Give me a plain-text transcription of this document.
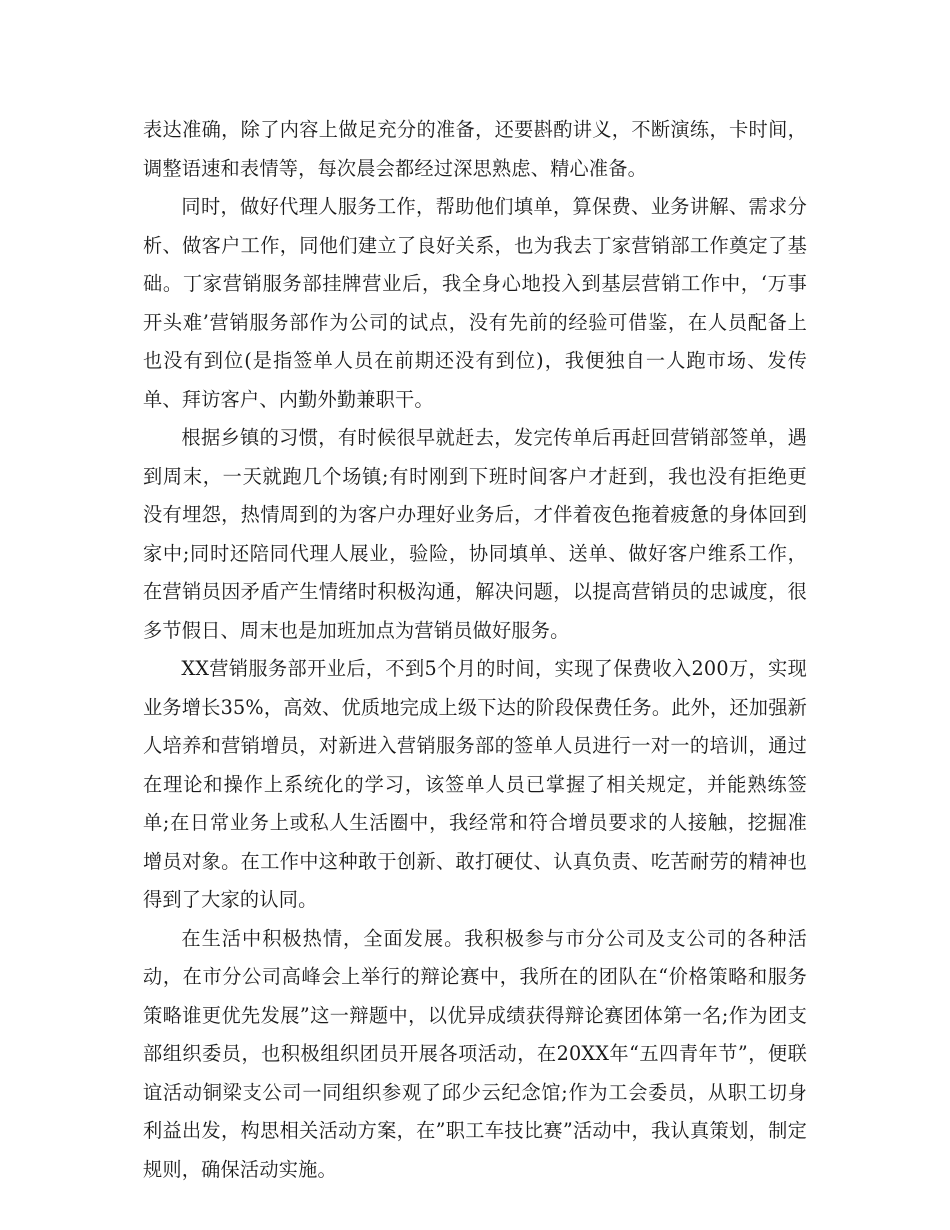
表达准确，除了内容上做足充分的准备，还要斟酌讲义，不断演练，卡时间，调整语速和表情等，每次晨会都经过深思熟虑、精心准备。

同时，做好代理人服务工作，帮助他们填单，算保费、业务讲解、需求分析、做客户工作，同他们建立了良好关系，也为我去丁家营销部工作奠定了基础。丁家营销服务部挂牌营业后，我全身心地投入到基层营销工作中，‘万事开头难’营销服务部作为公司的试点，没有先前的经验可借鉴，在人员配备上也没有到位(是指签单人员在前期还没有到位)，我便独自一人跑市场、发传单、拜访客户、内勤外勤兼职干。

根据乡镇的习惯，有时候很早就赶去，发完传单后再赶回营销部签单，遇到周末，一天就跑几个场镇;有时刚到下班时间客户才赶到，我也没有拒绝更没有埋怨，热情周到的为客户办理好业务后，才伴着夜色拖着疲惫的身体回到家中;同时还陪同代理人展业，验险，协同填单、送单、做好客户维系工作，在营销员因矛盾产生情绪时积极沟通，解决问题，以提高营销员的忠诚度，很多节假日、周末也是加班加点为营销员做好服务。

XX营销服务部开业后，不到5个月的时间，实现了保费收入200万，实现业务增长35%，高效、优质地完成上级下达的阶段保费任务。此外，还加强新人培养和营销增员，对新进入营销服务部的签单人员进行一对一的培训，通过在理论和操作上系统化的学习，该签单人员已掌握了相关规定，并能熟练签单;在日常业务上或私人生活圈中，我经常和符合增员要求的人接触，挖掘准增员对象。在工作中这种敢于创新、敢打硬仗、认真负责、吃苦耐劳的精神也得到了大家的认同。

在生活中积极热情，全面发展。我积极参与市分公司及支公司的各种活动，在市分公司高峰会上举行的辩论赛中，我所在的团队在“价格策略和服务策略谁更优先发展”这一辩题中，以优异成绩获得辩论赛团体第一名;作为团支部组织委员，也积极组织团员开展各项活动，在20XX年“五四青年节”，便联谊活动铜梁支公司一同组织参观了邱少云纪念馆;作为工会委员，从职工切身利益出发，构思相关活动方案，在”职工车技比赛”活动中，我认真策划，制定规则，确保活动实施。
